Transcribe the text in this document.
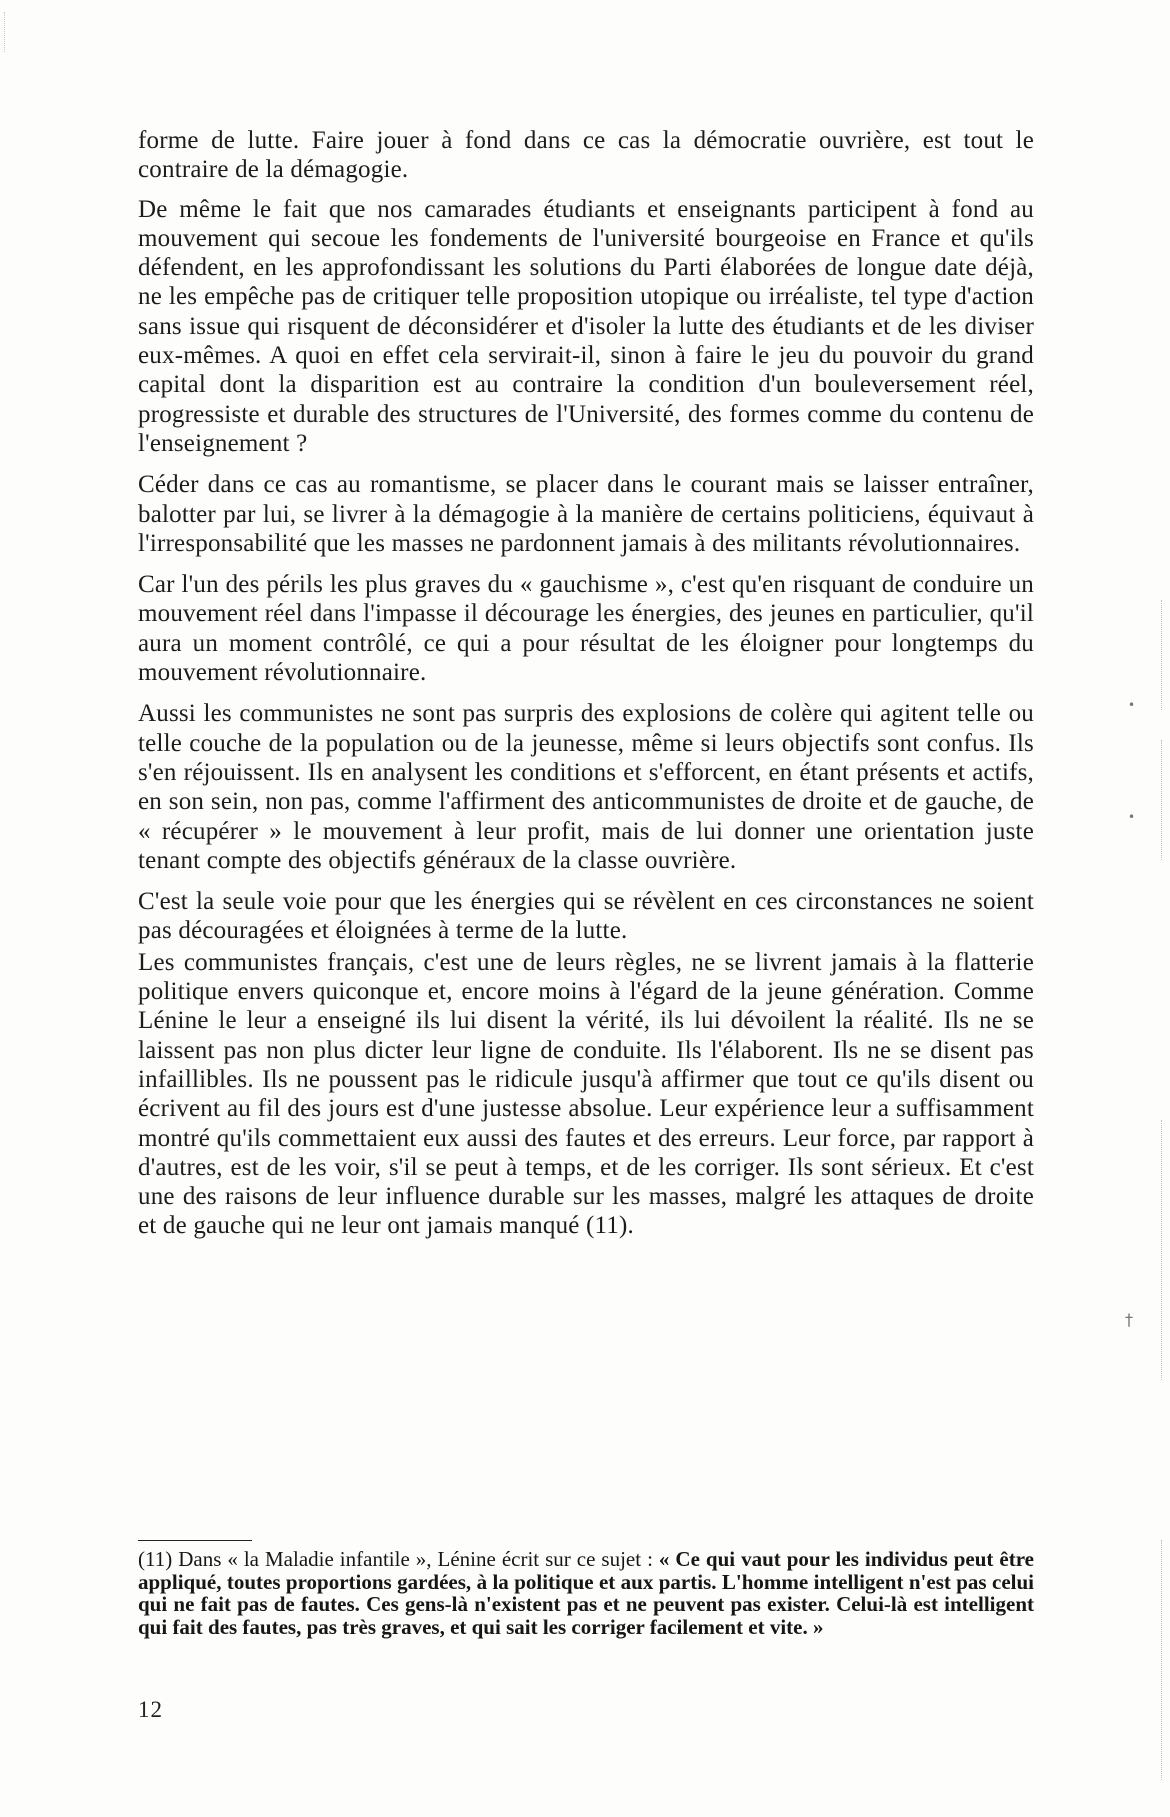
forme de lutte. Faire jouer à fond dans ce cas la démocratie ouvrière, est tout le contraire de la démagogie.

De même le fait que nos camarades étudiants et enseignants participent à fond au mouvement qui secoue les fondements de l'université bourgeoise en France et qu'ils défendent, en les approfondissant les solutions du Parti élaborées de longue date déjà, ne les empêche pas de critiquer telle proposition utopique ou irréaliste, tel type d'action sans issue qui risquent de déconsidérer et d'isoler la lutte des étudiants et de les diviser eux-mêmes. A quoi en effet cela servirait-il, sinon à faire le jeu du pouvoir du grand capital dont la disparition est au contraire la condition d'un bouleversement réel, progressiste et durable des structures de l'Université, des formes comme du contenu de l'enseignement ?

Céder dans ce cas au romantisme, se placer dans le courant mais se laisser entraîner, balotter par lui, se livrer à la démagogie à la manière de certains politiciens, équivaut à l'irresponsabilité que les masses ne pardonnent jamais à des militants révolutionnaires.

Car l'un des périls les plus graves du « gauchisme », c'est qu'en risquant de conduire un mouvement réel dans l'impasse il décourage les énergies, des jeunes en particulier, qu'il aura un moment contrôlé, ce qui a pour résultat de les éloigner pour longtemps du mouvement révolutionnaire.

Aussi les communistes ne sont pas surpris des explosions de colère qui agitent telle ou telle couche de la population ou de la jeunesse, même si leurs objectifs sont confus. Ils s'en réjouissent. Ils en analysent les conditions et s'efforcent, en étant présents et actifs, en son sein, non pas, comme l'affirment des anticommunistes de droite et de gauche, de « récupérer » le mouvement à leur profit, mais de lui donner une orientation juste tenant compte des objectifs généraux de la classe ouvrière.

C'est la seule voie pour que les énergies qui se révèlent en ces circonstances ne soient pas découragées et éloignées à terme de la lutte.

Les communistes français, c'est une de leurs règles, ne se livrent jamais à la flatterie politique envers quiconque et, encore moins à l'égard de la jeune génération. Comme Lénine le leur a enseigné ils lui disent la vérité, ils lui dévoilent la réalité. Ils ne se laissent pas non plus dicter leur ligne de conduite. Ils l'élaborent. Ils ne se disent pas infaillibles. Ils ne poussent pas le ridicule jusqu'à affirmer que tout ce qu'ils disent ou écrivent au fil des jours est d'une justesse absolue. Leur expérience leur a suffisamment montré qu'ils commettaient eux aussi des fautes et des erreurs. Leur force, par rapport à d'autres, est de les voir, s'il se peut à temps, et de les corriger. Ils sont sérieux. Et c'est une des raisons de leur influence durable sur les masses, malgré les attaques de droite et de gauche qui ne leur ont jamais manqué (11).

(11) Dans « la Maladie infantile », Lénine écrit sur ce sujet : « Ce qui vaut pour les individus peut être appliqué, toutes proportions gardées, à la politique et aux partis. L'homme intelligent n'est pas celui qui ne fait pas de fautes. Ces gens-là n'existent pas et ne peuvent pas exister. Celui-là est intelligent qui fait des fautes, pas très graves, et qui sait les corriger facilement et vite. »
12
•
•
†
